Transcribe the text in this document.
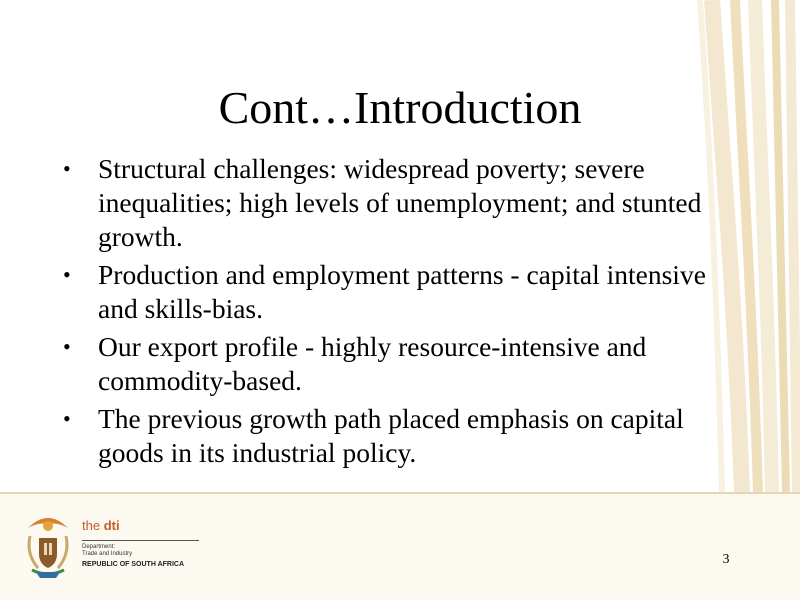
Cont…Introduction
• Structural challenges: widespread poverty; severe inequalities; high levels of unemployment; and stunted growth.
• Production and employment patterns - capital intensive and skills-bias.
• Our export profile - highly resource-intensive and commodity-based.
• The previous growth path placed emphasis on capital goods in its industrial policy.
the dti
Department:
Trade and Industry
REPUBLIC OF SOUTH AFRICA	3
